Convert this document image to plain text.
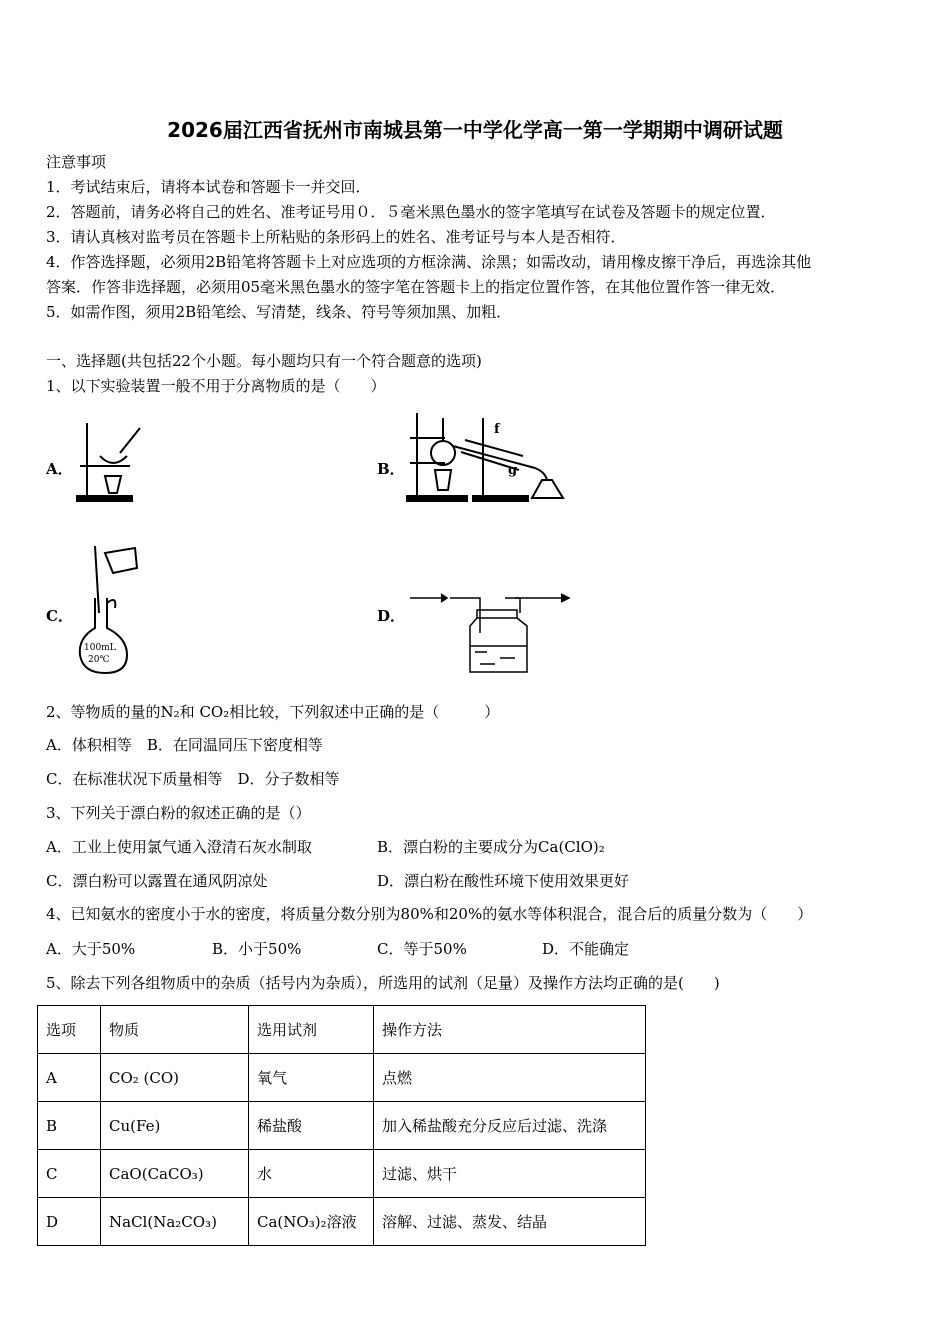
2026届江西省抚州市南城县第一中学化学高一第一学期期中调研试题
注意事项
1．考试结束后，请将本试卷和答题卡一并交回．
2．答题前，请务必将自己的姓名、准考证号用０．５毫米黑色墨水的签字笔填写在试卷及答题卡的规定位置．
3．请认真核对监考员在答题卡上所粘贴的条形码上的姓名、准考证号与本人是否相符．
4．作答选择题，必须用2B铅笔将答题卡上对应选项的方框涂满、涂黑；如需改动，请用橡皮擦干净后，再选涂其他
答案．作答非选择题，必须用05毫米黑色墨水的签字笔在答题卡上的指定位置作答，在其他位置作答一律无效．
5．如需作图，须用2B铅笔绘、写清楚，线条、符号等须加黑、加粗．
一、选择题(共包括22个小题。每小题均只有一个符合题意的选项)
1、以下实验装置一般不用于分离物质的是（　　）
A．	B．
f
g
C．
100mL
20℃
D．
2、等物质的量的N₂和 CO₂相比较，下列叙述中正确的是（　　　）
A．体积相等　B．在同温同压下密度相等
C．在标准状况下质量相等　D．分子数相等
3、下列关于漂白粉的叙述正确的是（）
A．工业上使用氯气通入澄清石灰水制取	B．漂白粉的主要成分为Ca(ClO)₂
C．漂白粉可以露置在通风阴凉处	D．漂白粉在酸性环境下使用效果更好
4、已知氨水的密度小于水的密度，将质量分数分别为80%和20%的氨水等体积混合，混合后的质量分数为（　　）
A．大于50%	B．小于50%	C．等于50%	D．不能确定
5、除去下列各组物质中的杂质（括号内为杂质），所选用的试剂（足量）及操作方法均正确的是(　　)
选项	物质	选用试剂	操作方法
A	CO₂ (CO)	氧气	点燃
B	Cu(Fe)	稀盐酸	加入稀盐酸充分反应后过滤、洗涤
C	CaO(CaCO₃)	水	过滤、烘干
D	NaCl(Na₂CO₃)	Ca(NO₃)₂溶液	溶解、过滤、蒸发、结晶
